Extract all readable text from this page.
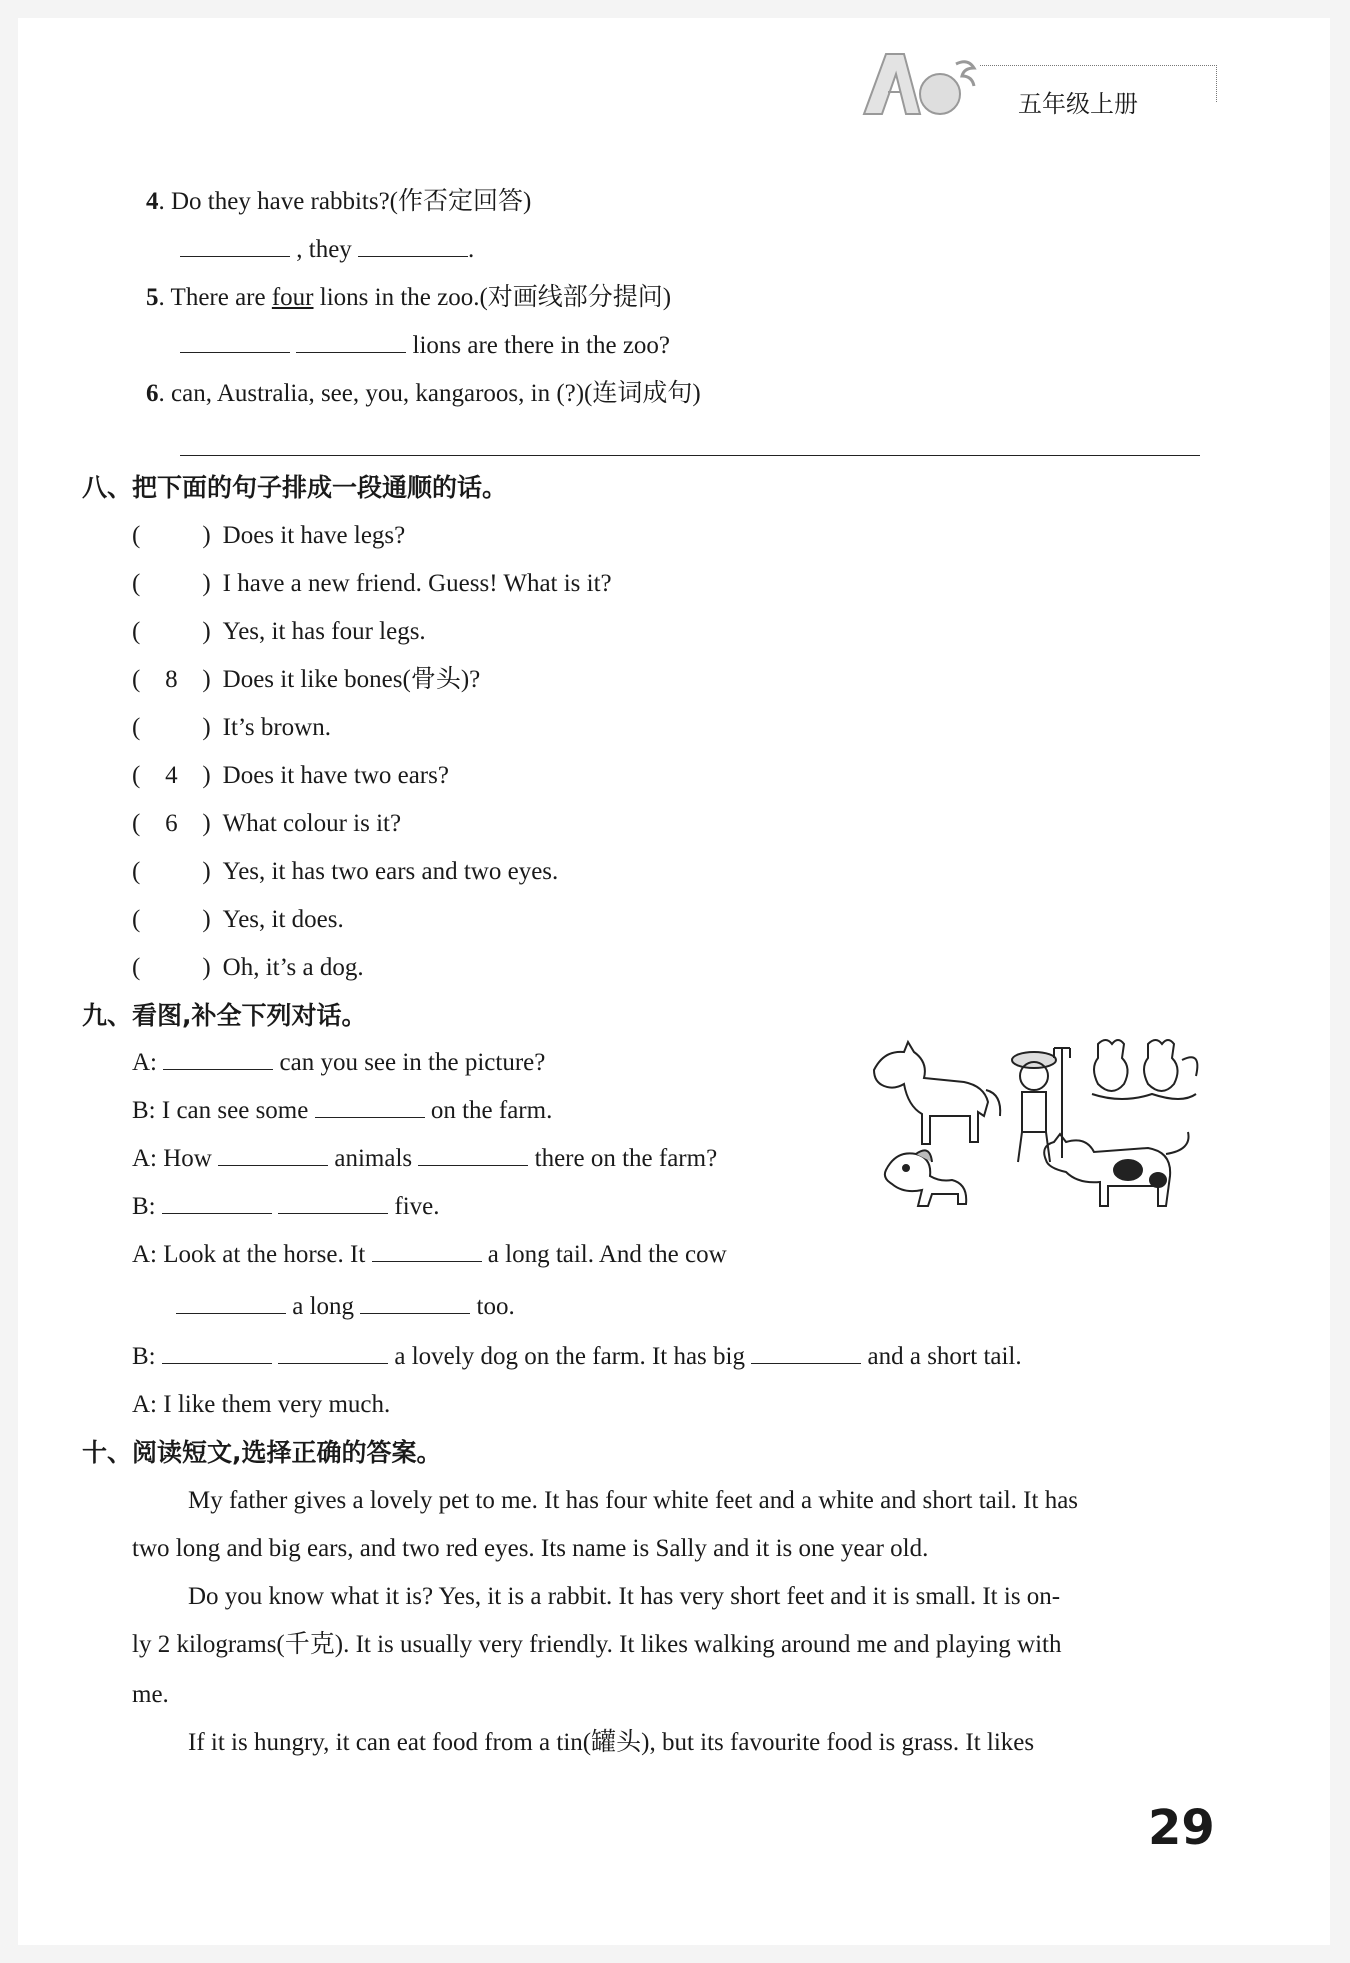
五年级上册
4. Do they have rabbits?(作否定回答)
, they	.
5. There are four lions in the zoo.(对画线部分提问)
lions are there in the zoo?
6. can, Australia, see, you, kangaroos, in (?)(连词成句)
八、把下面的句子排成一段通顺的话。
( ) Does it have legs?
( ) I have a new friend. Guess! What is it?
( ) Yes, it has four legs.
( 8 ) Does it like bones(骨头)?
( ) It’s brown.
( 4 ) Does it have two ears?
( 6 ) What colour is it?
( ) Yes, it has two ears and two eyes.
( ) Yes, it does.
( ) Oh, it’s a dog.
九、看图,补全下列对话。
A:	can you see in the picture?
B: I can see some	on the farm.
A: How	animals	there on the farm?
B:	five.
A: Look at the horse. It	a long tail. And the cow
a long	too.
B:	a lovely dog on the farm. It has big	and a short tail.
A: I like them very much.
十、阅读短文,选择正确的答案。
My father gives a lovely pet to me. It has four white feet and a white and short tail. It has
two long and big ears, and two red eyes. Its name is Sally and it is one year old.
Do you know what it is? Yes, it is a rabbit. It has very short feet and it is small. It is on-
ly 2 kilograms(千克). It is usually very friendly. It likes walking around me and playing with
me.
If it is hungry, it can eat food from a tin(罐头), but its favourite food is grass. It likes
29
